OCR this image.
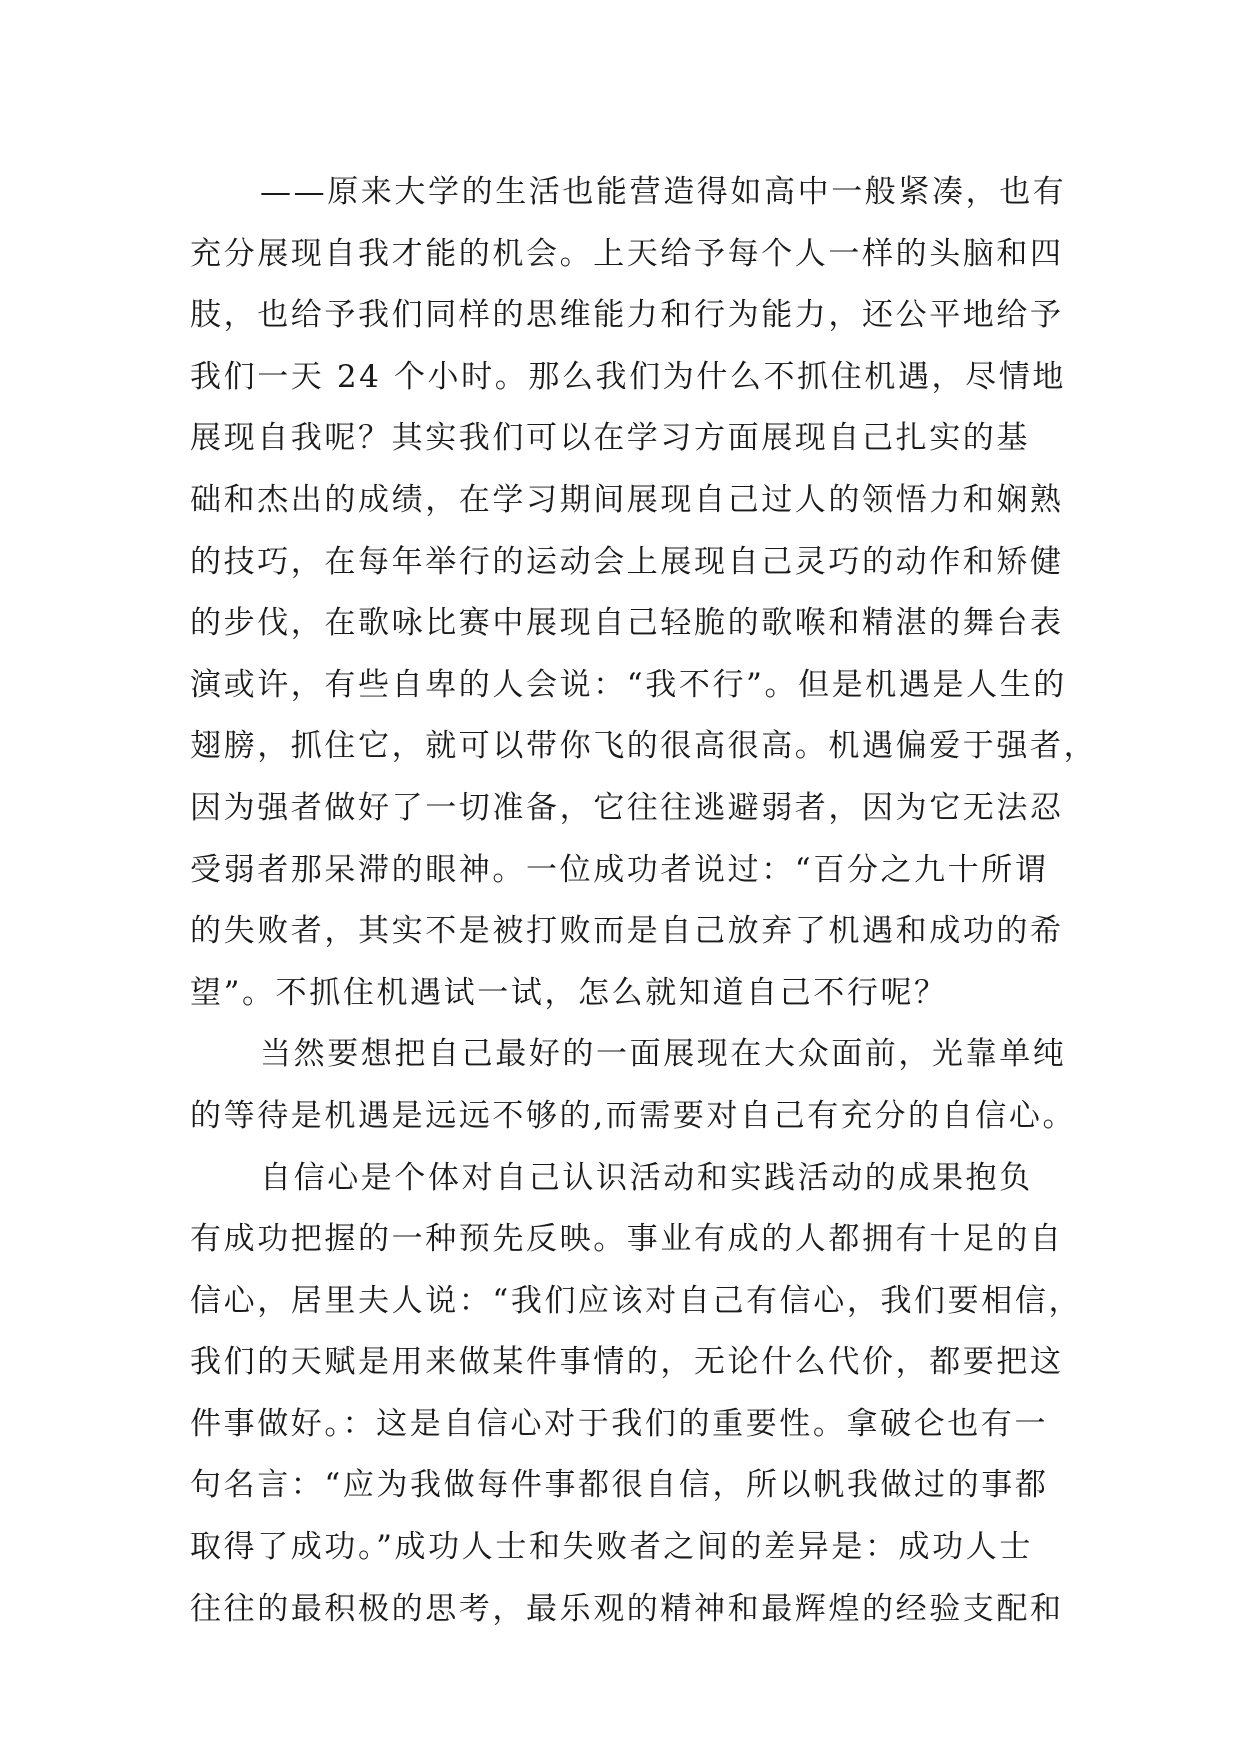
——原来大学的生活也能营造得如高中一般紧凑，也有
充分展现自我才能的机会。上天给予每个人一样的头脑和四
肢，也给予我们同样的思维能力和行为能力，还公平地给予
我们一天 24 个小时。那么我们为什么不抓住机遇，尽情地
展现自我呢？其实我们可以在学习方面展现自己扎实的基
础和杰出的成绩，在学习期间展现自己过人的领悟力和娴熟
的技巧，在每年举行的运动会上展现自己灵巧的动作和矫健
的步伐，在歌咏比赛中展现自己轻脆的歌喉和精湛的舞台表
演或许，有些自卑的人会说：“我不行”。但是机遇是人生的
翅膀，抓住它，就可以带你飞的很高很高。机遇偏爱于强者，
因为强者做好了一切准备，它往往逃避弱者，因为它无法忍
受弱者那呆滞的眼神。一位成功者说过：“百分之九十所谓
的失败者，其实不是被打败而是自己放弃了机遇和成功的希
望”。不抓住机遇试一试，怎么就知道自己不行呢？
当然要想把自己最好的一面展现在大众面前，光靠单纯
的等待是机遇是远远不够的,而需要对自己有充分的自信心。
自信心是个体对自己认识活动和实践活动的成果抱负
有成功把握的一种预先反映。事业有成的人都拥有十足的自
信心，居里夫人说：“我们应该对自己有信心，我们要相信，
我们的天赋是用来做某件事情的，无论什么代价，都要把这
件事做好。：这是自信心对于我们的重要性。拿破仑也有一
句名言：“应为我做每件事都很自信，所以帆我做过的事都
取得了成功。”成功人士和失败者之间的差异是：成功人士
往往的最积极的思考，最乐观的精神和最辉煌的经验支配和
